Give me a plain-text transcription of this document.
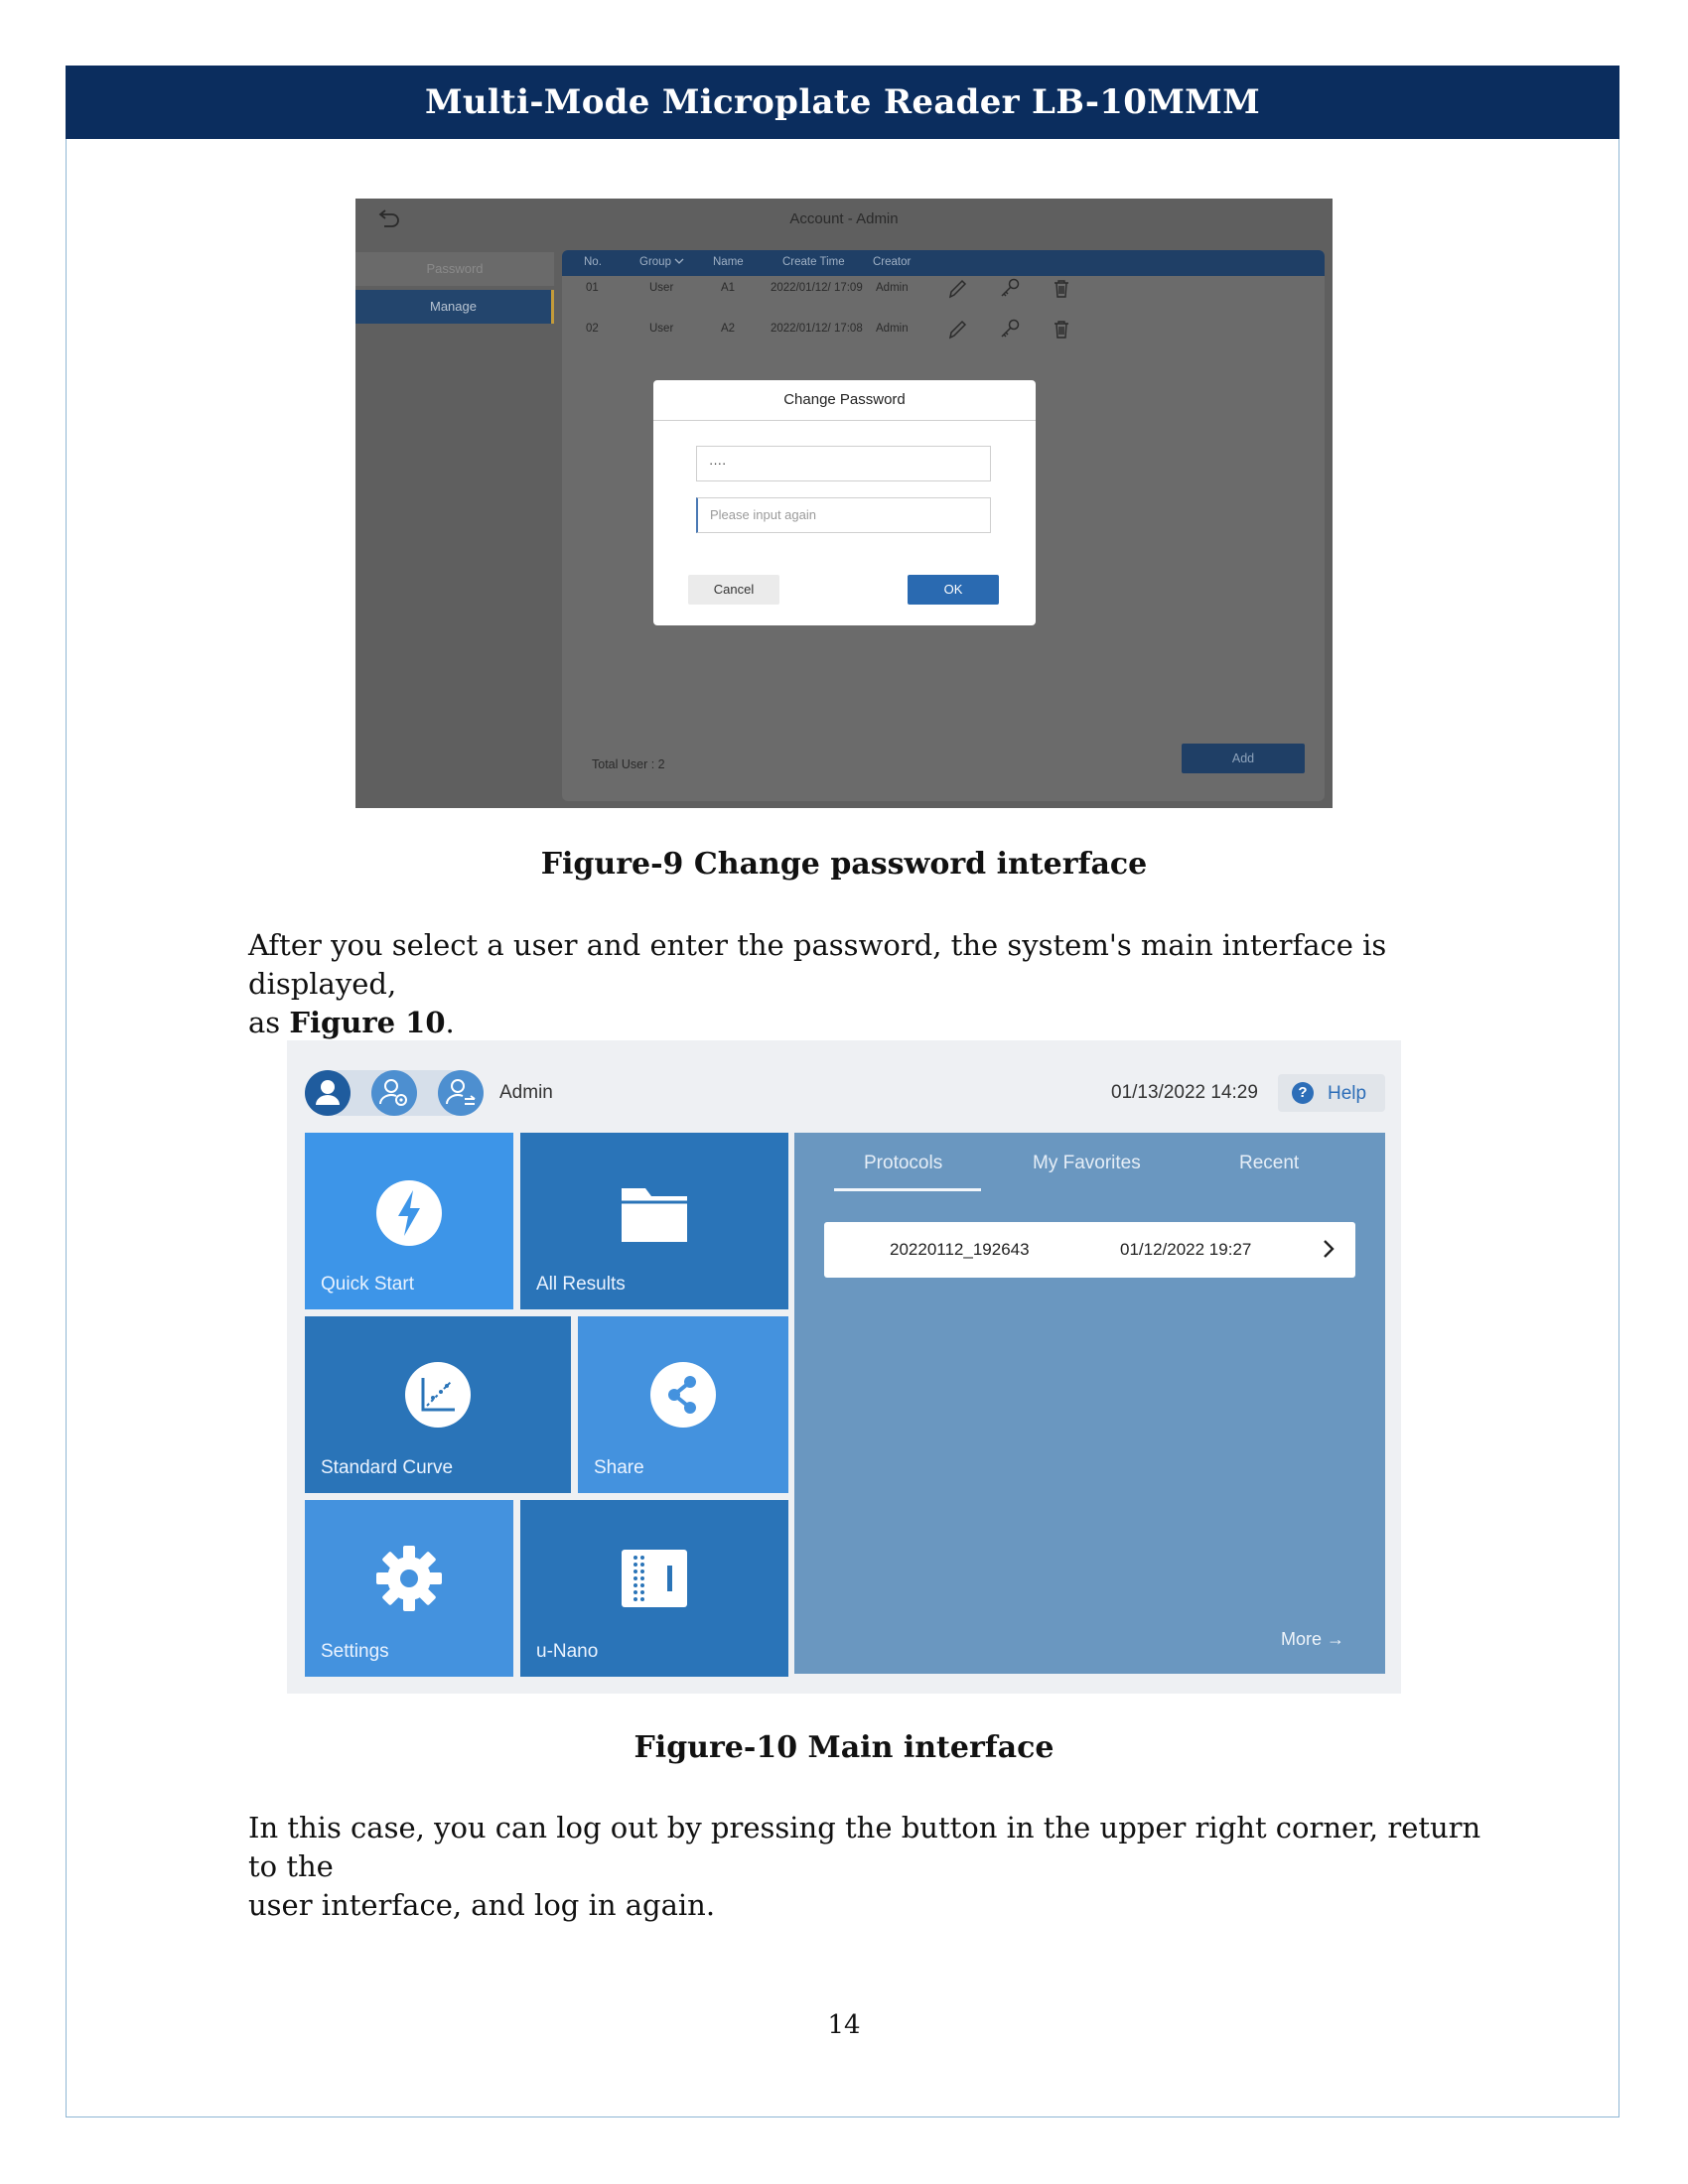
Multi-Mode Microplate Reader LB-10MMM
Account - Admin
Password
Manage
No.	Group	Name	Create Time Creator
01	User	A1	2022/01/12/ 17:09 Admin
02	User	A2	2022/01/12/ 17:08 Admin
Total User : 2	Add
Change Password
····
Please input again
Cancel	OK
Figure-9 Change password interface
After you select a user and enter the password, the system's main interface is displayed,
as Figure 10.
Admin	01/13/2022 14:29	?	Help
Quick Start	All Results
Standard Curve	Share
Settings	u-Nano
Protocols	My Favorites	Recent
20220112_192643	01/12/2022 19:27
More →
Figure-10 Main interface
In this case, you can log out by pressing the button in the upper right corner, return to the
user interface, and log in again.
14
